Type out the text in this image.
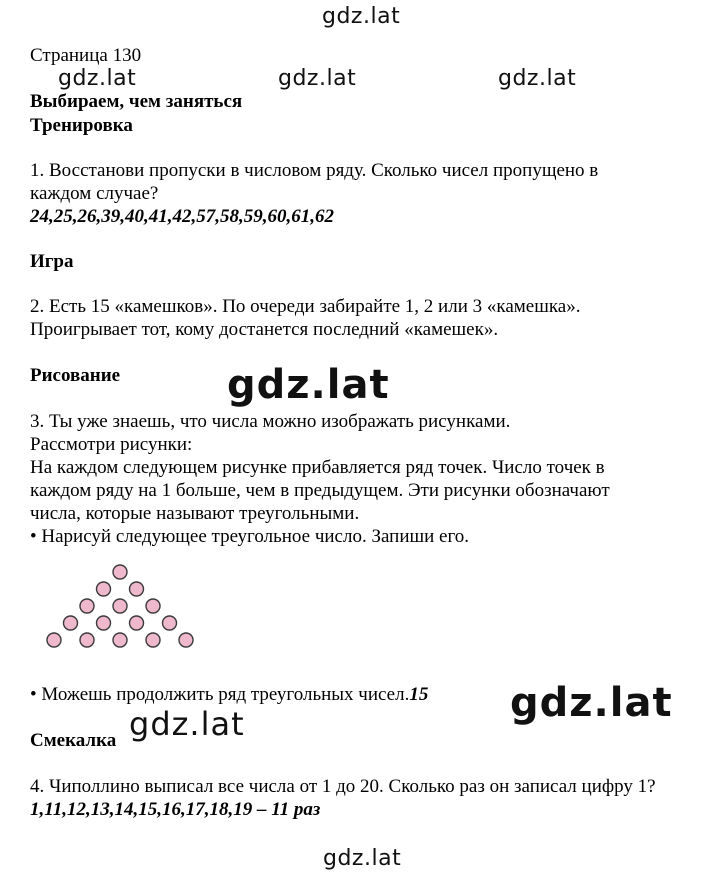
gdz.lat
gdz.lat	gdz.lat	gdz.lat
Страница 130
Выбираем, чем заняться
Тренировка
1. Восстанови пропуски в числовом ряду. Сколько чисел пропущено в
каждом случае?
24,25,26,39,40,41,42,57,58,59,60,61,62
Игра
2. Есть 15 «камешков». По очереди забирайте 1, 2 или 3 «камешка».
Проигрывает тот, кому достанется последний «камешек».
Рисование
3. Ты уже знаешь, что числа можно изображать рисунками.
Рассмотри рисунки:
На каждом следующем рисунке прибавляется ряд точек. Число точек в
каждом ряду на 1 больше, чем в предыдущем. Эти рисунки обозначают
числа, которые называют треугольными.
• Нарисуй следующее треугольное число. Запиши его.
gdz.lat
• Можешь продолжить ряд треугольных чисел.15
Смекалка gdz.lat	gdz.lat
4. Чиполлино выписал все числа от 1 до 20. Сколько раз он записал цифру 1?
1,11,12,13,14,15,16,17,18,19 – 11 раз
gdz.lat
